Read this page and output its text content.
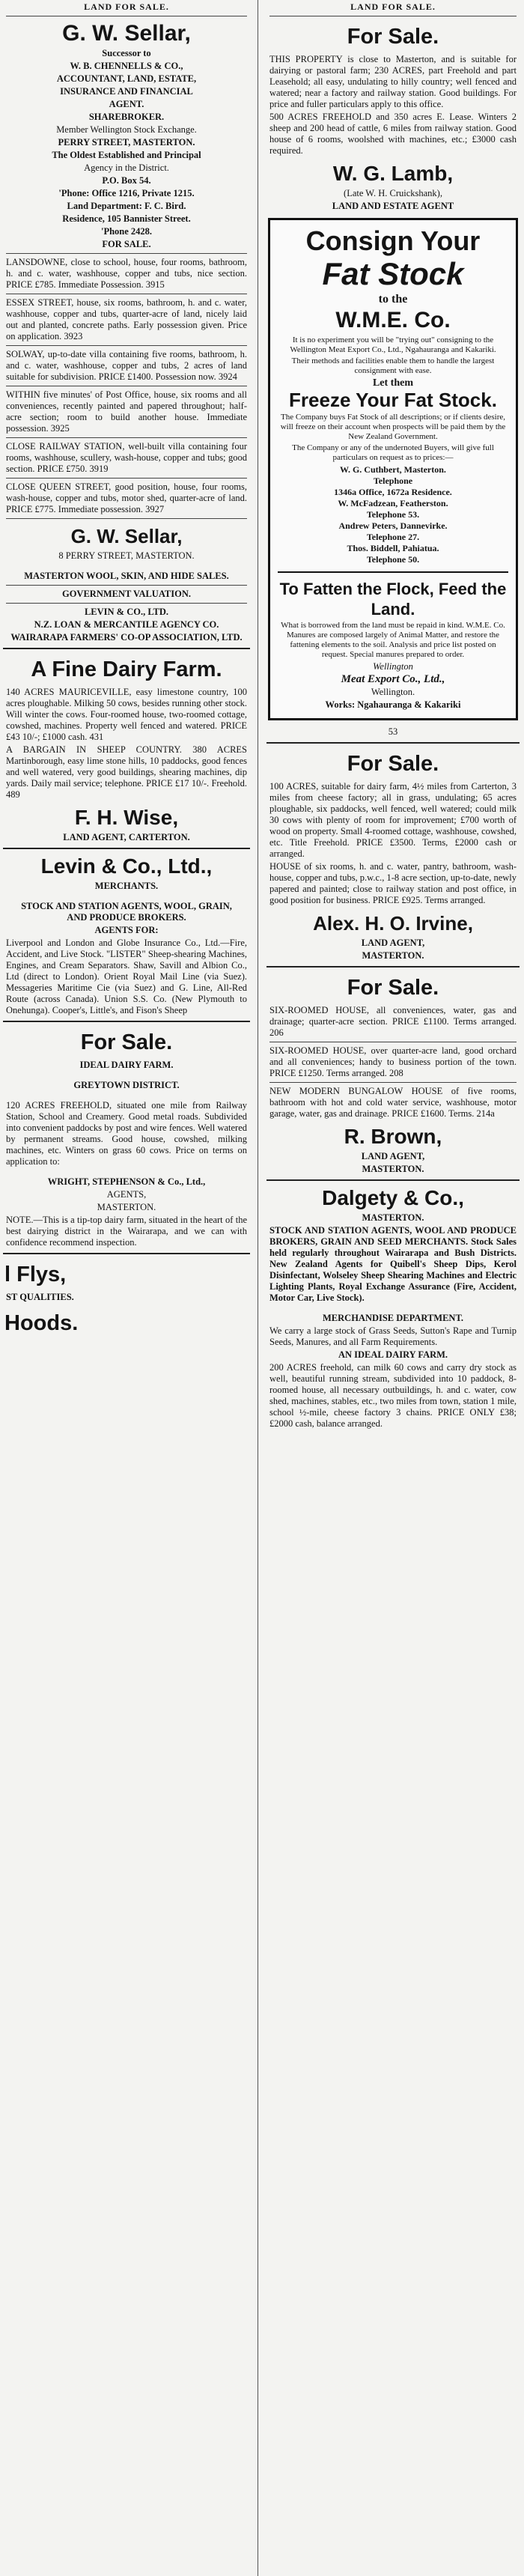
LAND FOR SALE.
G. W. Sellar,
Successor to
W. B. CHENNELLS & CO.,
ACCOUNTANT, LAND, ESTATE,
INSURANCE AND FINANCIAL
AGENT.
SHAREBROKER.
Member Wellington Stock Exchange.
PERRY STREET, MASTERTON.
The Oldest Established and Principal
Agency in the District.
P.O. Box 54.
'Phone: Office 1216, Private 1215.
Land Department: F. C. Bird.
Residence, 105 Bannister Street.
'Phone 2428.
FOR SALE.
LANSDOWNE, close to school, house, four rooms, bathroom, h. and c. water, washhouse, copper and tubs, nice section. PRICE £785. Immediate Possession. 3915
ESSEX STREET, house, six rooms, bathroom, h. and c. water, washhouse, copper and tubs, quarter-acre of land, nicely laid out and planted, concrete paths. Early possession given. Price on application. 3923
SOLWAY, up-to-date villa containing five rooms, bathroom, h. and c. water, washhouse, copper and tubs, 2 acres of land suitable for subdivision. PRICE £1400. Possession now. 3924
WITHIN five minutes' of Post Office, house, six rooms and all conveniences, recently painted and papered throughout; half-acre section; room to build another house. Immediate possession. 3925
CLOSE RAILWAY STATION, well-built villa containing four rooms, washhouse, scullery, wash-house, copper and tubs; good section. PRICE £750. 3919
CLOSE QUEEN STREET, good position, house, four rooms, wash-house, copper and tubs, motor shed, quarter-acre of land. PRICE £775. Immediate possession. 3927
G. W. Sellar,
8 PERRY STREET, MASTERTON.
MASTERTON WOOL, SKIN, AND HIDE SALES.
GOVERNMENT VALUATION.
LEVIN & CO., LTD.
N.Z. LOAN & MERCANTILE AGENCY CO.
WAIRARAPA FARMERS' CO-OP ASSOCIATION, LTD.
A Fine Dairy Farm.
140 ACRES MAURICEVILLE, easy limestone country, 100 acres ploughable. Milking 50 cows, besides running other stock. Will winter the cows. Four-roomed house, two-roomed cottage, cowshed, machines. Property well fenced and watered. PRICE £43 10/-; £1000 cash. 431
A BARGAIN IN SHEEP COUNTRY. 380 ACRES Martinborough, easy lime stone hills, 10 paddocks, good fences and well watered, very good buildings, shearing machines, dip yards. Daily mail service; telephone. PRICE £17 10/-. Freehold. 489
F. H. Wise,
LAND AGENT, CARTERTON.
Levin & Co., Ltd.,
MERCHANTS.
STOCK AND STATION AGENTS, WOOL, GRAIN, AND PRODUCE BROKERS.
AGENTS FOR:
Liverpool and London and Globe Insurance Co., Ltd.—Fire, Accident, and Live Stock. "LISTER" Sheep-shearing Machines, Engines, and Cream Separators. Shaw, Savill and Albion Co., Ltd (direct to London). Orient Royal Mail Line (via Suez). Messageries Maritime Cie (via Suez) and G. Line, All-Red Route (across Canada). Union S.S. Co. (New Plymouth to Onehunga). Cooper's, Little's, and Fison's Sheep
For Sale.
IDEAL DAIRY FARM.
GREYTOWN DISTRICT.
120 ACRES FREEHOLD, situated one mile from Railway Station, School and Creamery. Good metal roads. Subdivided into convenient paddocks by post and wire fences. Well watered by permanent streams. Good house, cowshed, milking machines, etc. Winters on grass 60 cows. Price on terms on application to:
WRIGHT, STEPHENSON & Co., Ltd.,
AGENTS,
MASTERTON.
NOTE.—This is a tip-top dairy farm, situated in the heart of the best dairying district in the Wairarapa, and we can with confidence recommend inspection.
l Flys,
ST QUALITIES.
Hoods.
LAND FOR SALE.
For Sale.
THIS PROPERTY is close to Masterton, and is suitable for dairying or pastoral farm; 230 ACRES, part Freehold and part Leasehold; all easy, undulating to hilly country; well fenced and watered; near a factory and railway station. Good buildings. For price and fuller particulars apply to this office.
500 ACRES FREEHOLD and 350 acres E. Lease. Winters 2 sheep and 200 head of cattle, 6 miles from railway station. Good house of 6 rooms, woolshed with machines, etc.; £3000 cash required.
W. G. Lamb,
(Late W. H. Cruickshank),
LAND AND ESTATE AGENT
Consign Your
Fat Stock
to the
W.M.E. Co.
It is no experiment you will be "trying out" consigning to the Wellington Meat Export Co., Ltd., Ngahauranga and Kakariki.
Their methods and facilities enable them to handle the largest consignment with ease.
Let them
Freeze Your Fat Stock.
The Company buys Fat Stock of all descriptions; or if clients desire, will freeze on their account when prospects will be paid them by the New Zealand Government.
The Company or any of the undernoted Buyers, will give full particulars on request as to prices:—
W. G. Cuthbert, Masterton.
Telephone
1346a Office, 1672a Residence.
W. McFadzean, Featherston.
Telephone 53.
Andrew Peters, Dannevirke.
Telephone 27.
Thos. Biddell, Pahiatua.
Telephone 50.
To Fatten the Flock, Feed the Land.
What is borrowed from the land must be repaid in kind. W.M.E. Co. Manures are composed largely of Animal Matter, and restore the fattening elements to the soil. Analysis and price list posted on request. Special manures prepared to order.
Wellington
Meat Export Co., Ltd.,
Wellington.
Works: Ngahauranga & Kakariki
53
For Sale.
100 ACRES, suitable for dairy farm, 4½ miles from Carterton, 3 miles from cheese factory; all in grass, undulating; 65 acres ploughable, six paddocks, well fenced, well watered; could milk 30 cows with plenty of room for improvement; £700 worth of wood on property. Small 4-roomed cottage, washhouse, cowshed, etc. Title Freehold. PRICE £3500. Terms, £2000 cash or arranged.
HOUSE of six rooms, h. and c. water, pantry, bathroom, wash-house, copper and tubs, p.w.c., 1-8 acre section, up-to-date, newly papered and painted; close to railway station and post office, in good position for business. PRICE £925. Terms arranged.
Alex. H. O. Irvine,
LAND AGENT,
MASTERTON.
For Sale.
SIX-ROOMED HOUSE, all conveniences, water, gas and drainage; quarter-acre section. PRICE £1100. Terms arranged. 206
SIX-ROOMED HOUSE, over quarter-acre land, good orchard and all conveniences; handy to business portion of the town. PRICE £1250. Terms arranged. 208
NEW MODERN BUNGALOW HOUSE of five rooms, bathroom with hot and cold water service, washhouse, motor garage, water, gas and drainage. PRICE £1600. Terms. 214a
R. Brown,
LAND AGENT,
MASTERTON.
Dalgety & Co.,
MASTERTON.
STOCK AND STATION AGENTS, WOOL AND PRODUCE BROKERS, GRAIN AND SEED MERCHANTS. Stock Sales held regularly throughout Wairarapa and Bush Districts. New Zealand Agents for Quibell's Sheep Dips, Kerol Disinfectant, Wolseley Sheep Shearing Machines and Electric Lighting Plants, Royal Exchange Assurance (Fire, Accident, Motor Car, Live Stock).
MERCHANDISE DEPARTMENT.
We carry a large stock of Grass Seeds, Sutton's Rape and Turnip Seeds, Manures, and all Farm Requirements.
AN IDEAL DAIRY FARM.
200 ACRES freehold, can milk 60 cows and carry dry stock as well, beautiful running stream, subdivided into 10 paddock, 8-roomed house, all necessary outbuildings, h. and c. water, cow shed, machines, stables, etc., two miles from town, station 1 mile, school ½-mile, cheese factory 3 chains. PRICE ONLY £38; £2000 cash, balance arranged.
